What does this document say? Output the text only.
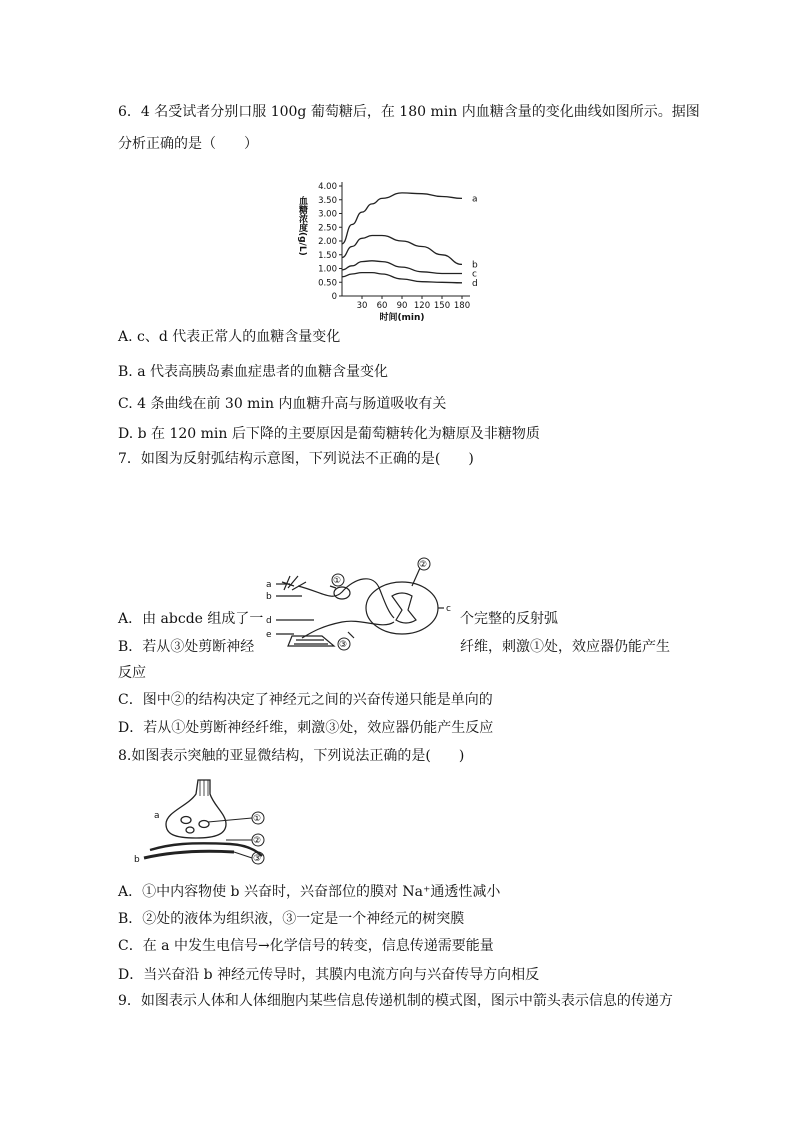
6．4 名受试者分别口服 100g 葡萄糖后，在 180 min 内血糖含量的变化曲线如图所示。据图
分析正确的是（　　）
4.00
3.50
3.00
2.50
2.00
1.50
1.00
0.50
0
30 60 90 120 150 180
时间(min)
血糖浓度(g/L)	a
b
c
d
A. c、d 代表正常人的血糖含量变化
B. a 代表高胰岛素血症患者的血糖含量变化
C. 4 条曲线在前 30 min 内血糖升高与肠道吸收有关
D. b 在 120 min 后下降的主要原因是葡萄糖转化为糖原及非糖物质
7．如图为反射弧结构示意图，下列说法不正确的是(　　)
a
b
d
e
c
①
②
③
A．由 abcde 组成了一	个完整的反射弧
B．若从③处剪断神经	纤维，刺激①处，效应器仍能产生
反应
C．图中②的结构决定了神经元之间的兴奋传递只能是单向的
D．若从①处剪断神经纤维，刺激③处，效应器仍能产生反应
8.如图表示突触的亚显微结构，下列说法正确的是(　　)
a
b
①
②
③
A．①中内容物使 b 兴奋时，兴奋部位的膜对 Na⁺通透性减小
B．②处的液体为组织液，③一定是一个神经元的树突膜
C．在 a 中发生电信号→化学信号的转变，信息传递需要能量
D．当兴奋沿 b 神经元传导时，其膜内电流方向与兴奋传导方向相反
9．如图表示人体和人体细胞内某些信息传递机制的模式图，图示中箭头表示信息的传递方
